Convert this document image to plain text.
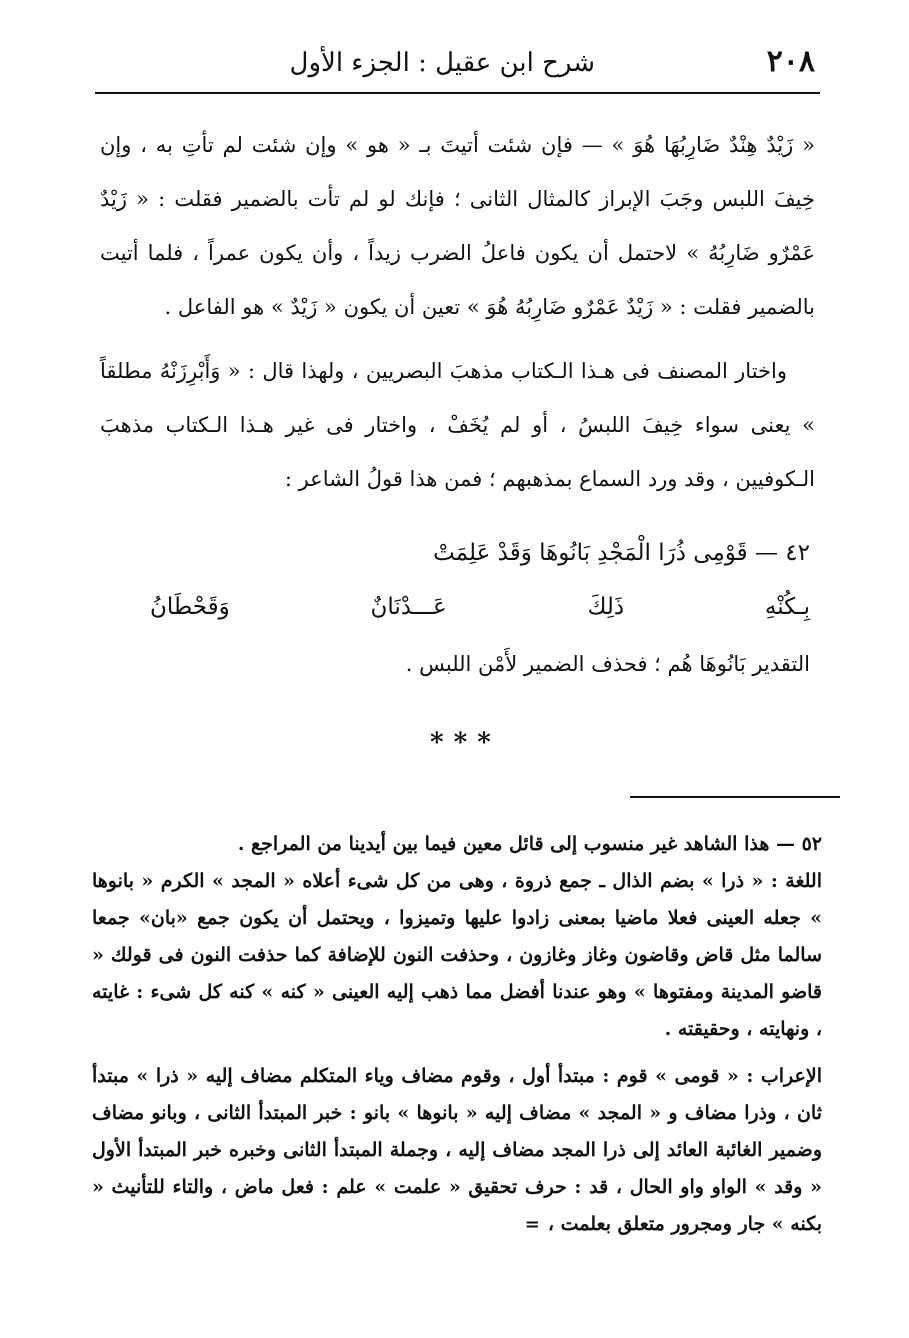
٢٠٨
شرح ابن عقيل : الجزء الأول

« زَيْدٌ هِنْدٌ ضَارِبُهَا هُوَ » — فإن شئت أتيتَ بـ « هو » وإن شئت لم تأتِ به ، وإن خِيفَ اللبس وجَبَ الإبراز كالمثال الثانى ؛ فإنك لو لم تأت بالضمير فقلت : « زَيْدٌ عَمْرٌو ضَارِبُهُ » لاحتمل أن يكون فاعلُ الضرب زيداً ، وأن يكون عمراً ، فلما أتيت بالضمير فقلت : « زَيْدٌ عَمْرٌو ضَارِبُهُ هُوَ » تعين أن يكون « زَيْدٌ » هو الفاعل .

واختار المصنف فى هـذا الـكتاب مذهبَ البصريين ، ولهذا قال : « وَأَبْرِزَنْهُ مطلقاً » يعنى سواء خِيفَ اللبسُ ، أو لم يُخَفْ ، واختار فى غير هـذا الـكتاب مذهبَ الـكوفيين ، وقد ورد السماع بمذهبهم ؛ فمن هذا قولُ الشاعر :

٤٢ — قَوْمِى ذُرَا الْمَجْدِ بَانُوهَا وَقَدْ عَلِمَتْ
بِـكُنْهِ
ذَلِكَ
عَـــدْنَانٌ
وَقَحْطَانُ
التقدير بَانُوهَا هُم ؛ فحذف الضمير لأَمْن اللبس .
***

٥٢ — هذا الشاهد غير منسوب إلى قائل معين فيما بين أيدينا من المراجع .

اللغة : « ذرا » بضم الذال ـ جمع ذروة ، وهى من كل شىء أعلاه « المجد » الكرم « بانوها » جعله العينى فعلا ماضيا بمعنى زادوا عليها وتميزوا ، ويحتمل أن يكون جمع «بان» جمعا سالما مثل قاض وقاضون وغاز وغازون ، وحذفت النون للإضافة كما حذفت النون فى قولك « قاضو المدينة ومفتوها » وهو عندنا أفضل مما ذهب إليه العينى « كنه » كنه كل شىء : غايته ، ونهايته ، وحقيقته .

الإعراب : « قومى » قوم : مبتدأ أول ، وقوم مضاف وياء المتكلم مضاف إليه « ذرا » مبتدأ ثان ، وذرا مضاف و « المجد » مضاف إليه « بانوها » بانو : خبر المبتدأ الثانى ، وبانو مضاف وضمير الغائبة العائد إلى ذرا المجد مضاف إليه ، وجملة المبتدأ الثانى وخبره خبر المبتدأ الأول « وقد » الواو واو الحال ، قد : حرف تحقيق « علمت » علم : فعل ماض ، والتاء للتأنيث « بكنه » جار ومجرور متعلق بعلمت ،=
